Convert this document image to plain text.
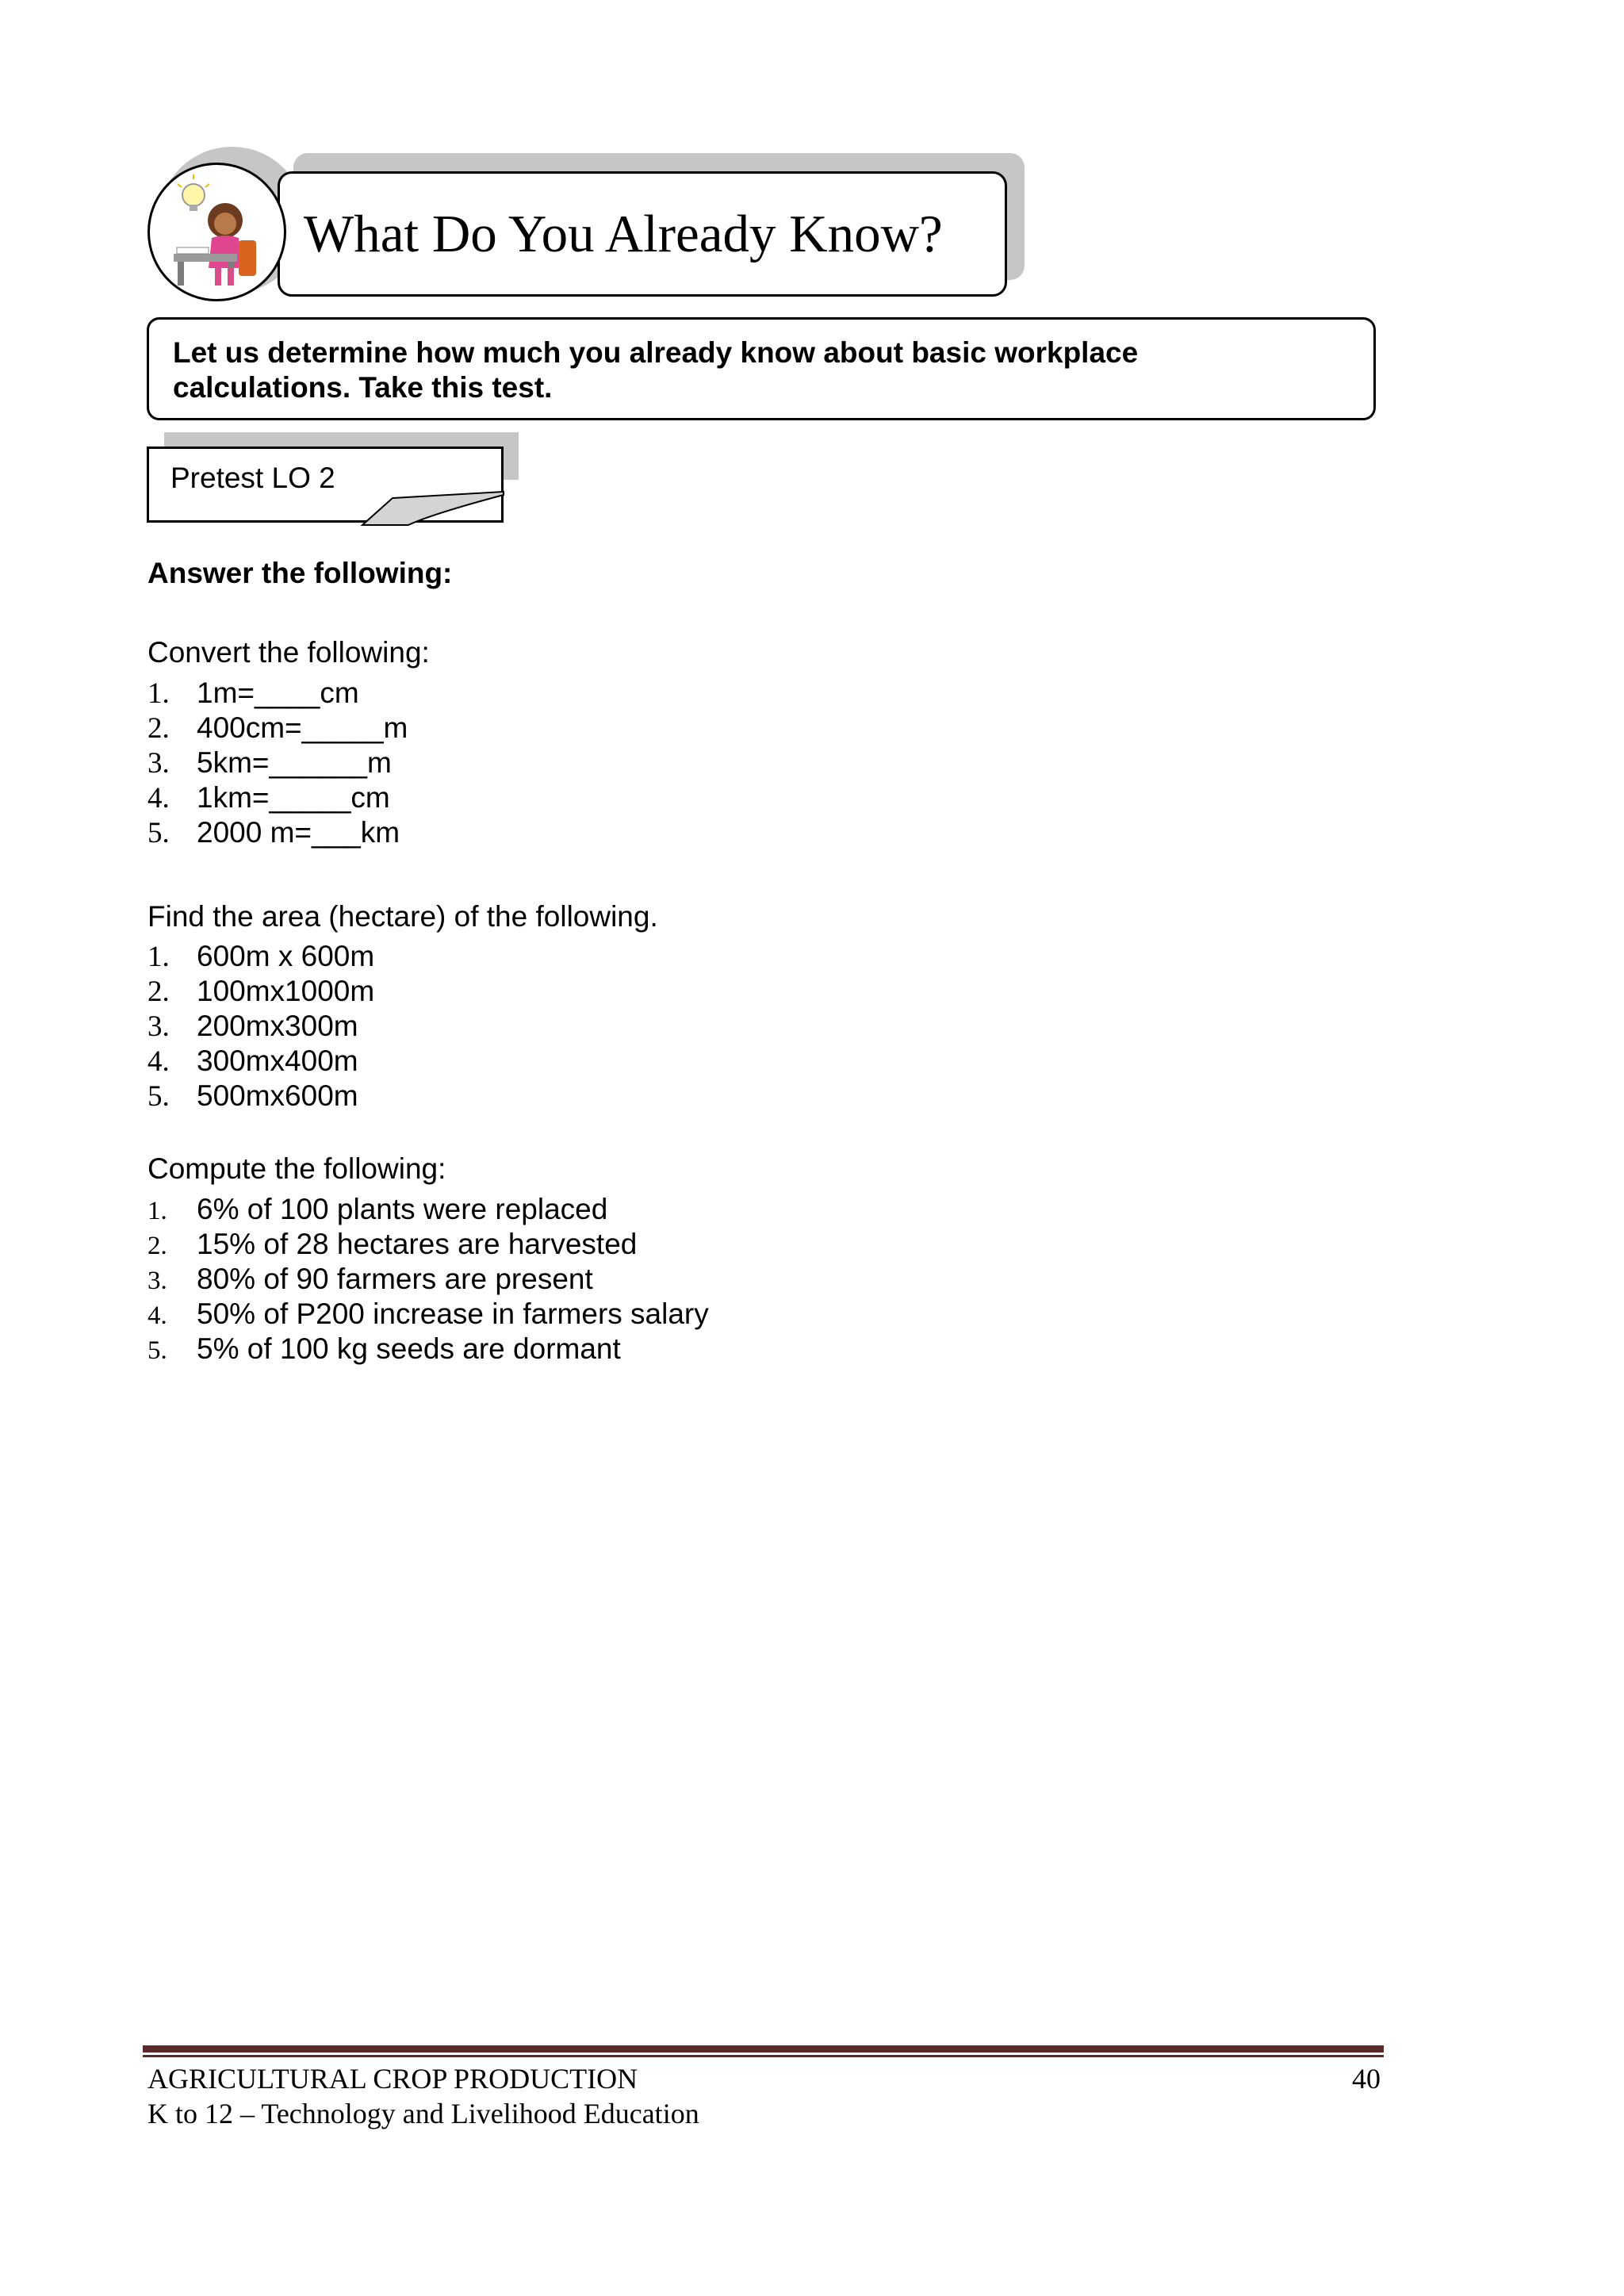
What Do You Already Know?
Let us determine how much you already know about basic workplace
calculations. Take this test.
Pretest LO 2
Answer the following:
Convert the following:
1. 1m=____cm
2. 400cm=_____m
3. 5km=______m
4. 1km=_____cm
5. 2000 m=___km
Find the area (hectare) of the following.
1. 600m x 600m
2. 100mx1000m
3. 200mx300m
4. 300mx400m
5. 500mx600m
Compute the following:
1. 6% of 100 plants were replaced
2. 15% of 28 hectares are harvested
3. 80% of 90 farmers are present
4. 50% of P200 increase in farmers salary
5. 5% of 100 kg seeds are dormant
AGRICULTURAL CROP PRODUCTION
K to 12 – Technology and Livelihood Education
40
